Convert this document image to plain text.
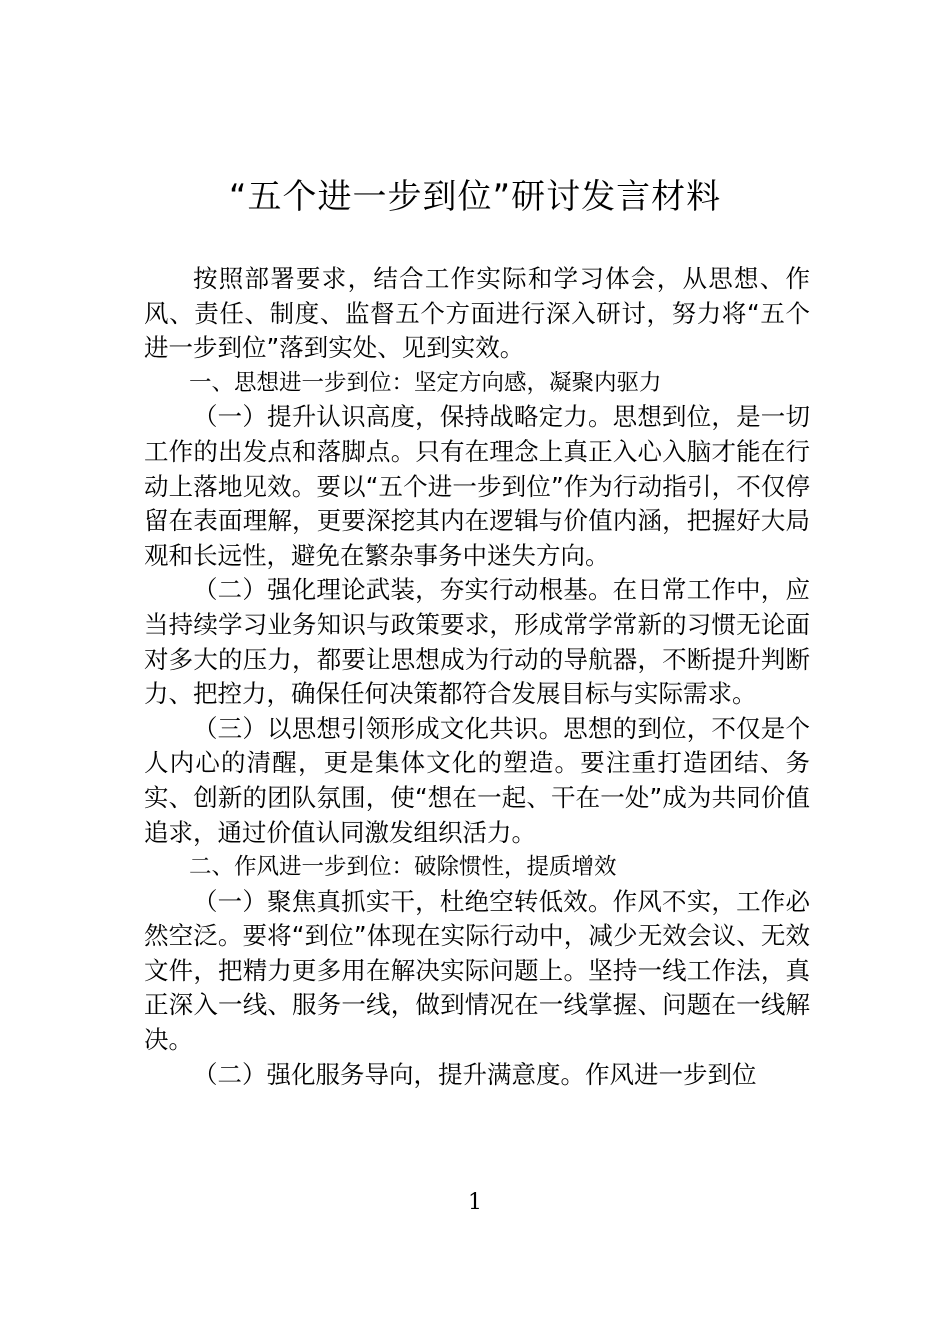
“五个进一步到位”研讨发言材料

按照部署要求，结合工作实际和学习体会，从思想、作风、责任、制度、监督五个方面进行深入研讨，努力将“五个进一步到位”落到实处、见到实效。

一、思想进一步到位：坚定方向感，凝聚内驱力

（一）提升认识高度，保持战略定力。思想到位，是一切工作的出发点和落脚点。只有在理念上真正入心入脑才能在行动上落地见效。要以“五个进一步到位”作为行动指引，不仅停留在表面理解，更要深挖其内在逻辑与价值内涵，把握好大局观和长远性，避免在繁杂事务中迷失方向。

（二）强化理论武装，夯实行动根基。在日常工作中，应当持续学习业务知识与政策要求，形成常学常新的习惯无论面对多大的压力，都要让思想成为行动的导航器，不断提升判断力、把控力，确保任何决策都符合发展目标与实际需求。

（三）以思想引领形成文化共识。思想的到位，不仅是个人内心的清醒，更是集体文化的塑造。要注重打造团结、务实、创新的团队氛围，使“想在一起、干在一处”成为共同价值追求，通过价值认同激发组织活力。

二、作风进一步到位：破除惯性，提质增效

（一）聚焦真抓实干，杜绝空转低效。作风不实，工作必然空泛。要将“到位”体现在实际行动中，减少无效会议、无效文件，把精力更多用在解决实际问题上。坚持一线工作法，真正深入一线、服务一线，做到情况在一线掌握、问题在一线解决。

（二）强化服务导向，提升满意度。作风进一步到位

1
